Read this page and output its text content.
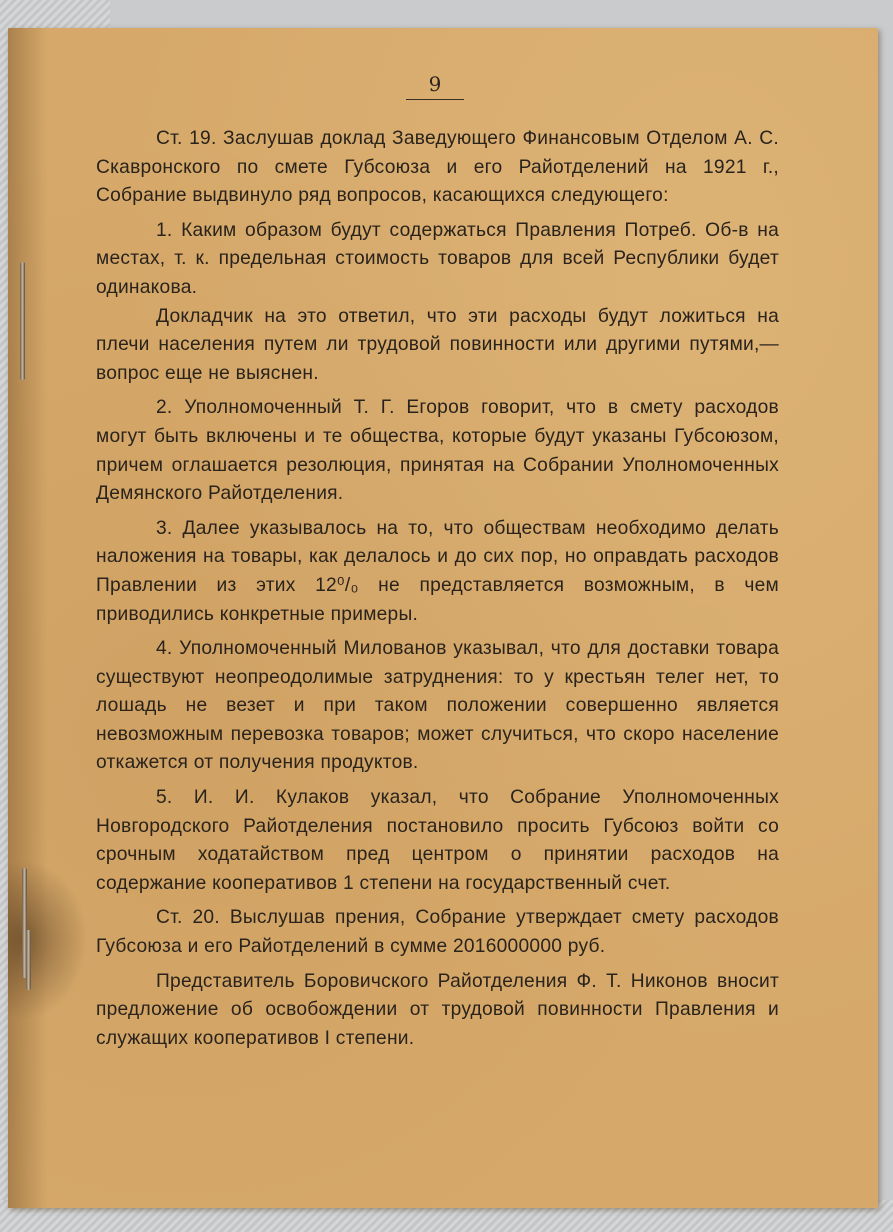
9

Ст. 19. Заслушав доклад Заведующего Финансовым Отделом А. С. Скавронского по смете Губсоюза и его Райотделений на 1921 г., Собрание выдвинуло ряд вопросов, касающихся следующего:

1. Каким образом будут содержаться Правления Потреб. Об-в на местах, т. к. предельная стоимость товаров для всей Республики будет одинакова.

Докладчик на это ответил, что эти расходы будут ложиться на плечи населения путем ли трудовой повинности или другими путями,—вопрос еще не выяснен.

2. Уполномоченный Т. Г. Егоров говорит, что в смету расходов могут быть включены и те общества, которые будут указаны Губсоюзом, причем оглашается резолюция, принятая на Собрании Уполномоченных Демянского Райотделения.

3. Далее указывалось на то, что обществам необходимо делать наложения на товары, как делалось и до сих пор, но оправдать расходов Правлении из этих 12⁰/₀ не представляется возможным, в чем приводились конкретные примеры.

4. Уполномоченный Милованов указывал, что для доставки товара существуют неопреодолимые затруднения: то у крестьян телег нет, то лошадь не везет и при таком положении совершенно является невозможным перевозка товаров; может случиться, что скоро население откажется от получения продуктов.

5. И. И. Кулаков указал, что Собрание Уполномоченных Новгородского Райотделения постановило просить Губсоюз войти со срочным ходатайством пред центром о принятии расходов на содержание кооперативов 1 степени на государственный счет.

Ст. 20. Выслушав прения, Собрание утверждает смету расходов Губсоюза и его Райотделений в сумме 2016000000 руб.

Представитель Боровичского Райотделения Ф. Т. Никонов вносит предложение об освобождении от трудовой повинности Правления и служащих кооперативов I степени.
